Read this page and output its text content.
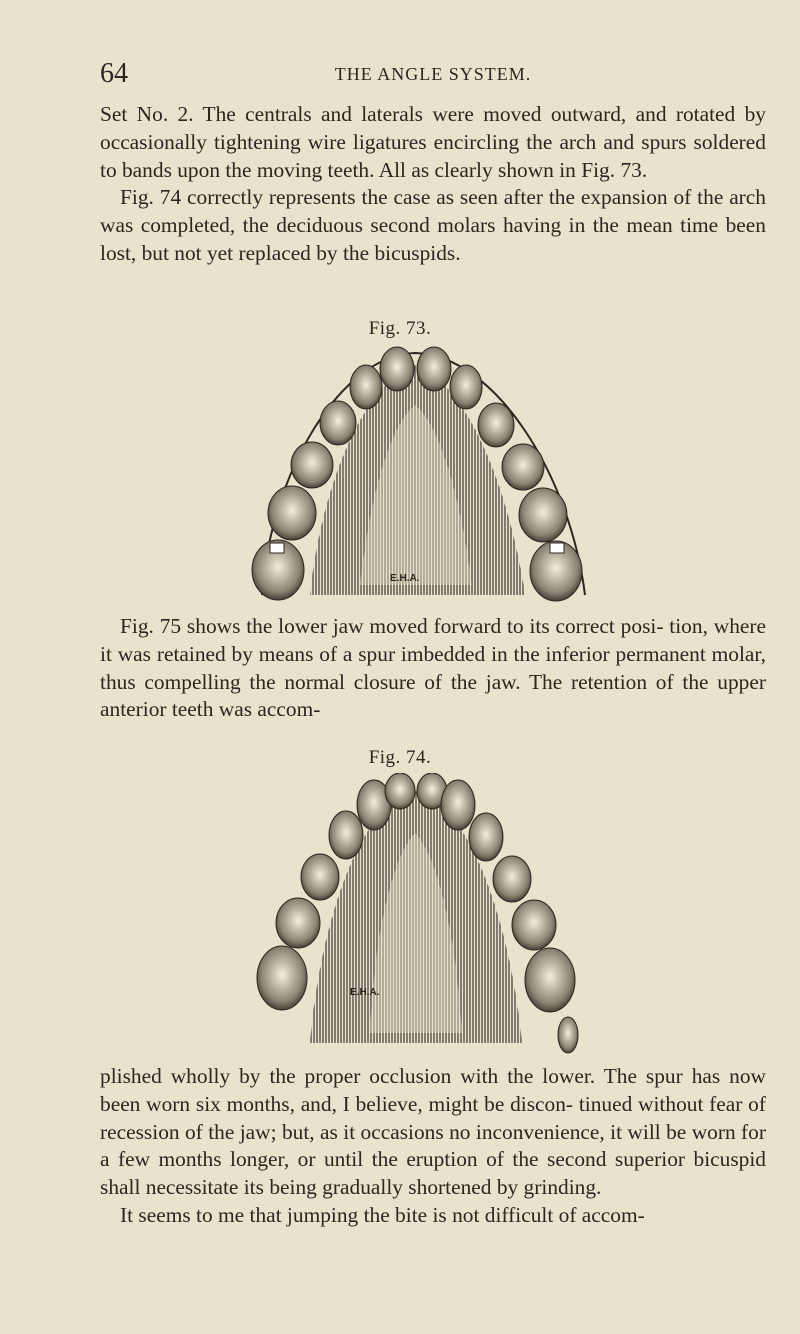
64	THE ANGLE SYSTEM.

Set No. 2. The centrals and laterals were moved outward, and rotated by occasionally tightening wire ligatures encircling the arch and spurs soldered to bands upon the moving teeth. All as clearly shown in Fig. 73.

Fig. 74 correctly represents the case as seen after the expansion of the arch was completed, the deciduous second molars having in the mean time been lost, but not yet replaced by the bicuspids.

Fig. 73.
E.H.A.

Fig. 75 shows the lower jaw moved forward to its correct posi- tion, where it was retained by means of a spur imbedded in the inferior permanent molar, thus compelling the normal closure of the jaw. The retention of the upper anterior teeth was accom-

Fig. 74.
E.H.A.

plished wholly by the proper occlusion with the lower. The spur has now been worn six months, and, I believe, might be discon- tinued without fear of recession of the jaw; but, as it occasions no inconvenience, it will be worn for a few months longer, or until the eruption of the second superior bicuspid shall necessitate its being gradually shortened by grinding.

It seems to me that jumping the bite is not difficult of accom-
